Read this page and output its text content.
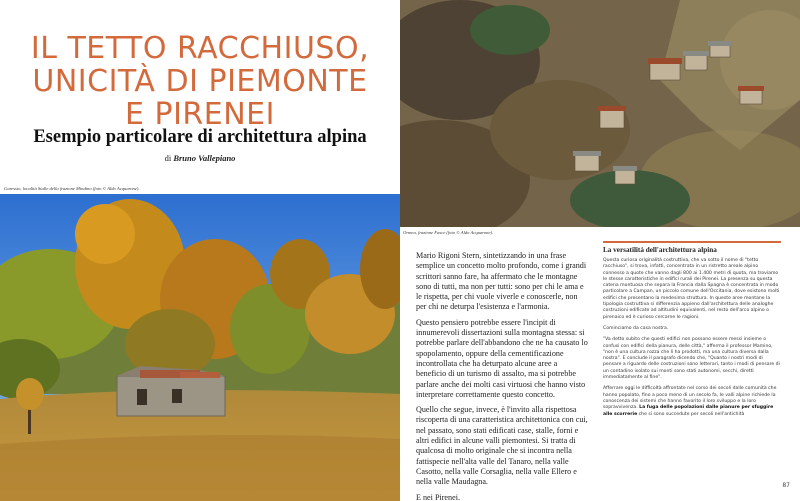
IL TETTO RACCHIUSO,
UNICITÀ DI PIEMONTE
E PIRENEI
Esempio particolare di architettura alpina
di Bruno Vallepiano
Garessio, località Stalle della frazione Mindino (foto © Aldo Acquarone).
Ormea, frazione Fasce (foto © Aldo Acquarone).

Mario Rigoni Stern, sintetizzando in una frase semplice un concetto molto profondo, come i grandi scrittori sanno fare, ha affermato che le montagne sono di tutti, ma non per tutti: sono per chi le ama e le rispetta, per chi vuole viverle e conoscerle, non per chi ne deturpa l'esistenza e l'armonia.

Questo pensiero potrebbe essere l'incipit di innumerevoli dissertazioni sulla montagna stessa: si potrebbe parlare dell'abbandono che ne ha causato lo spopolamento, oppure della cementificazione incontrollata che ha deturpato alcune aree a beneficio di un turismo di assalto, ma si potrebbe parlare anche dei molti casi virtuosi che hanno visto interpretare correttamente questo concetto.

Quello che segue, invece, è l'invito alla rispettosa riscoperta di una caratteristica architettonica con cui, nel passato, sono stati edificati case, stalle, forni e altri edifici in alcune valli piemontesi. Si tratta di qualcosa di molto originale che si incontra nella fattispecie nell'alta valle del Tanaro, nella valle Casotto, nella valle Corsaglia, nella valle Ellero e nella valle Maudagna.

E nei Pirenei.

La versatilità dell'architettura alpina

Questa curiosa originalità costruttiva, che va sotto il nome di "tetto racchiuso", si trova, infatti, concentrata in un ristretto areale alpino connesso a quote che vanno dagli 800 ai 1.400 metri di quota, ma troviamo le stesse caratteristiche in edifici rurali dei Pirenei. La presenza su questa catena montuosa che separa la Francia dalla Spagna è concentrata in modo particolare a Campan, un piccolo comune dell'Occitania, dove esistono molti edifici che presentano la medesima struttura. In queste aree montane la tipologia costruttiva si differenzia appieno dall'architettura delle analoghe costruzioni edificate ad altitudini equivalenti, nel resto dell'arco alpino o pirenaico ed è curioso cercarne le ragioni.

Cominciamo da casa nostra.

"Va detto subito che questi edifici non possono essere messi insieme o confusi con edifici della pianura, delle città," afferma il professor Mamino, "non è una cultura rozza che li ha prodotti, ma una cultura diversa dalla nostra". E conclude il paragrafo dicendo che, "Quanto i nostri modi di pensare a riguardo delle costruzioni sono letterari, tanto i modi di pensare di un contadino isolato sui monti sono stati autonomi, secchi, diretti immediatamente al fine".

Afferrare oggi le difficoltà affrontate nel corso dei secoli dalle comunità che hanno popolato, fino a poco meno di un secolo fa, le valli alpine richiede la conoscenza dei sistemi che hanno favorito il loro sviluppo e la loro sopravvivenza. La fuga delle popolazioni dalle pianure per sfuggire alle scorrerie che si sono succedute per secoli nell'antichità

87
